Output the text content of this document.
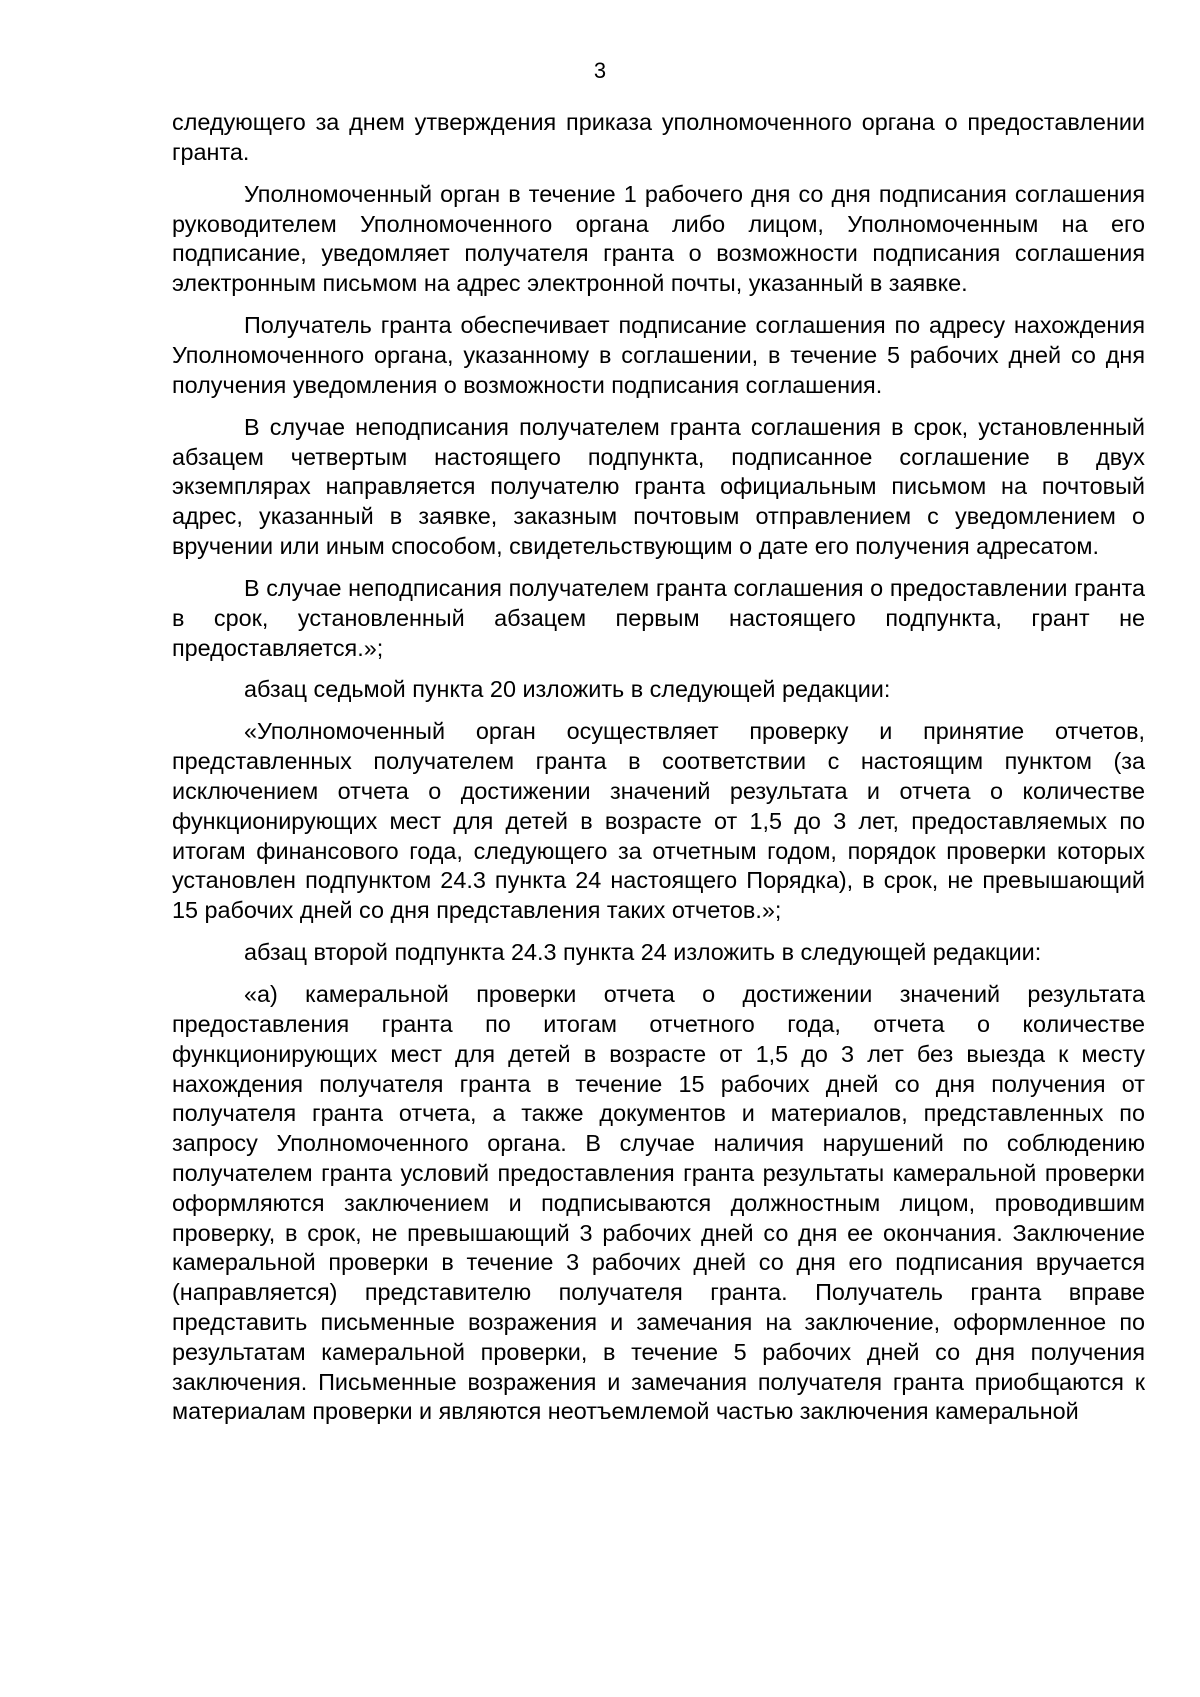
3

следующего за днем утверждения приказа уполномоченного органа о предоставлении гранта.

Уполномоченный орган в течение 1 рабочего дня со дня подписания соглашения руководителем Уполномоченного органа либо лицом, Уполномоченным на его подписание, уведомляет получателя гранта о возможности подписания соглашения электронным письмом на адрес электронной почты, указанный в заявке.

Получатель гранта обеспечивает подписание соглашения по адресу нахождения Уполномоченного органа, указанному в соглашении, в течение 5 рабочих дней со дня получения уведомления о возможности подписания соглашения.

В случае неподписания получателем гранта соглашения в срок, установленный абзацем четвертым настоящего подпункта, подписанное соглашение в двух экземплярах направляется получателю гранта официальным письмом на почтовый адрес, указанный в заявке, заказным почтовым отправлением с уведомлением о вручении или иным способом, свидетельствующим о дате его получения адресатом.

В случае неподписания получателем гранта соглашения о предоставлении гранта в срок, установленный абзацем первым настоящего подпункта, грант не предоставляется.»;

абзац седьмой пункта 20 изложить в следующей редакции:

«Уполномоченный орган осуществляет проверку и принятие отчетов, представленных получателем гранта в соответствии с настоящим пунктом (за исключением отчета о достижении значений результата и отчета о количестве функционирующих мест для детей в возрасте от 1,5 до 3 лет, предоставляемых по итогам финансового года, следующего за отчетным годом, порядок проверки которых установлен подпунктом 24.3 пункта 24 настоящего Порядка), в срок, не превышающий 15 рабочих дней со дня представления таких отчетов.»;

абзац второй подпункта 24.3 пункта 24 изложить в следующей редакции:

«а) камеральной проверки отчета о достижении значений результата предоставления гранта по итогам отчетного года, отчета о количестве функционирующих мест для детей в возрасте от 1,5 до 3 лет без выезда к месту нахождения получателя гранта в течение 15 рабочих дней со дня получения от получателя гранта отчета, а также документов и материалов, представленных по запросу Уполномоченного органа. В случае наличия нарушений по соблюдению получателем гранта условий предоставления гранта результаты камеральной проверки оформляются заключением и подписываются должностным лицом, проводившим проверку, в срок, не превышающий 3 рабочих дней со дня ее окончания. Заключение камеральной проверки в течение 3 рабочих дней со дня его подписания вручается (направляется) представителю получателя гранта. Получатель гранта вправе представить письменные возражения и замечания на заключение, оформленное по результатам камеральной проверки, в течение 5 рабочих дней со дня получения заключения. Письменные возражения и замечания получателя гранта приобщаются к материалам проверки и являются неотъемлемой частью заключения камеральной
